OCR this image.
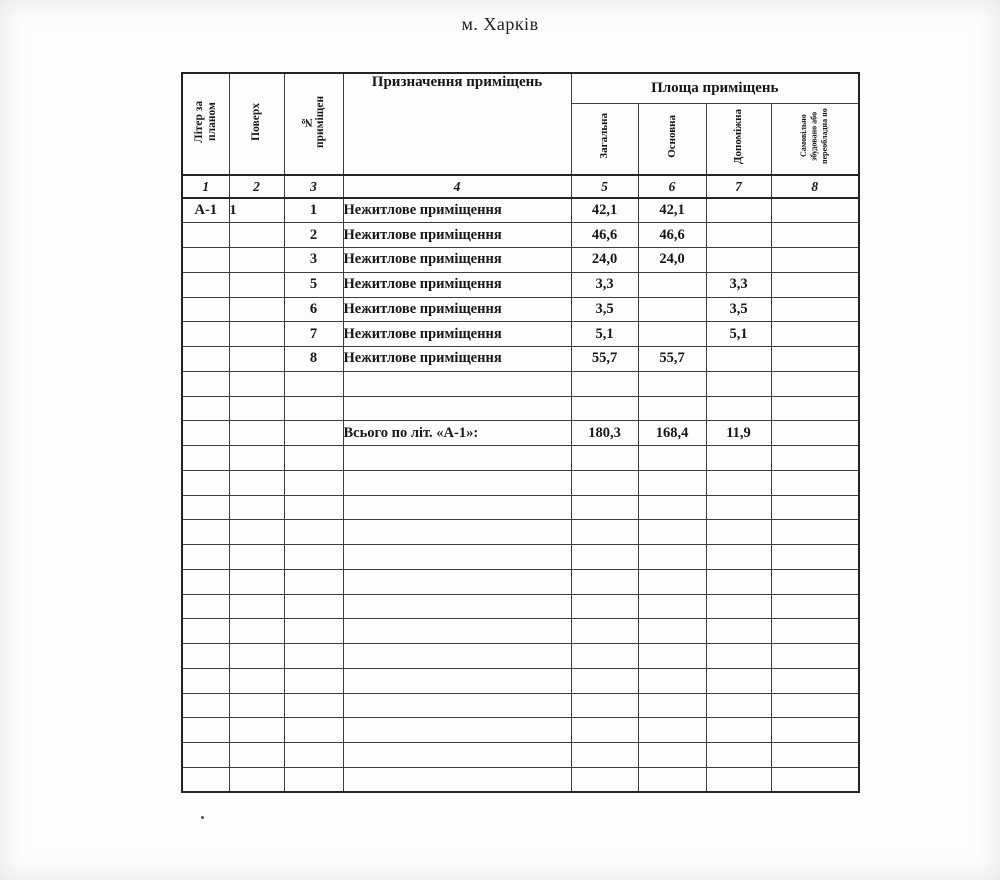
м. Харків
Літер за планом	Поверх	№ приміщен	Призначення приміщень	Площа приміщень			
				Загальна	Основна	Допоміжна	Самовільно збудовано або переобладна но
1	2	3	4	5	6	7	8
А-1	1	1	Нежитлове приміщення	42,1	42,1		
		2	Нежитлове приміщення	46,6	46,6		
		3	Нежитлове приміщення	24,0	24,0		
		5	Нежитлове приміщення	3,3		3,3	
		6	Нежитлове приміщення	3,5		3,5	
		7	Нежитлове приміщення	5,1		5,1	
		8	Нежитлове приміщення	55,7	55,7		

			Всього по літ. «А-1»:	180,3	168,4	11,9	
